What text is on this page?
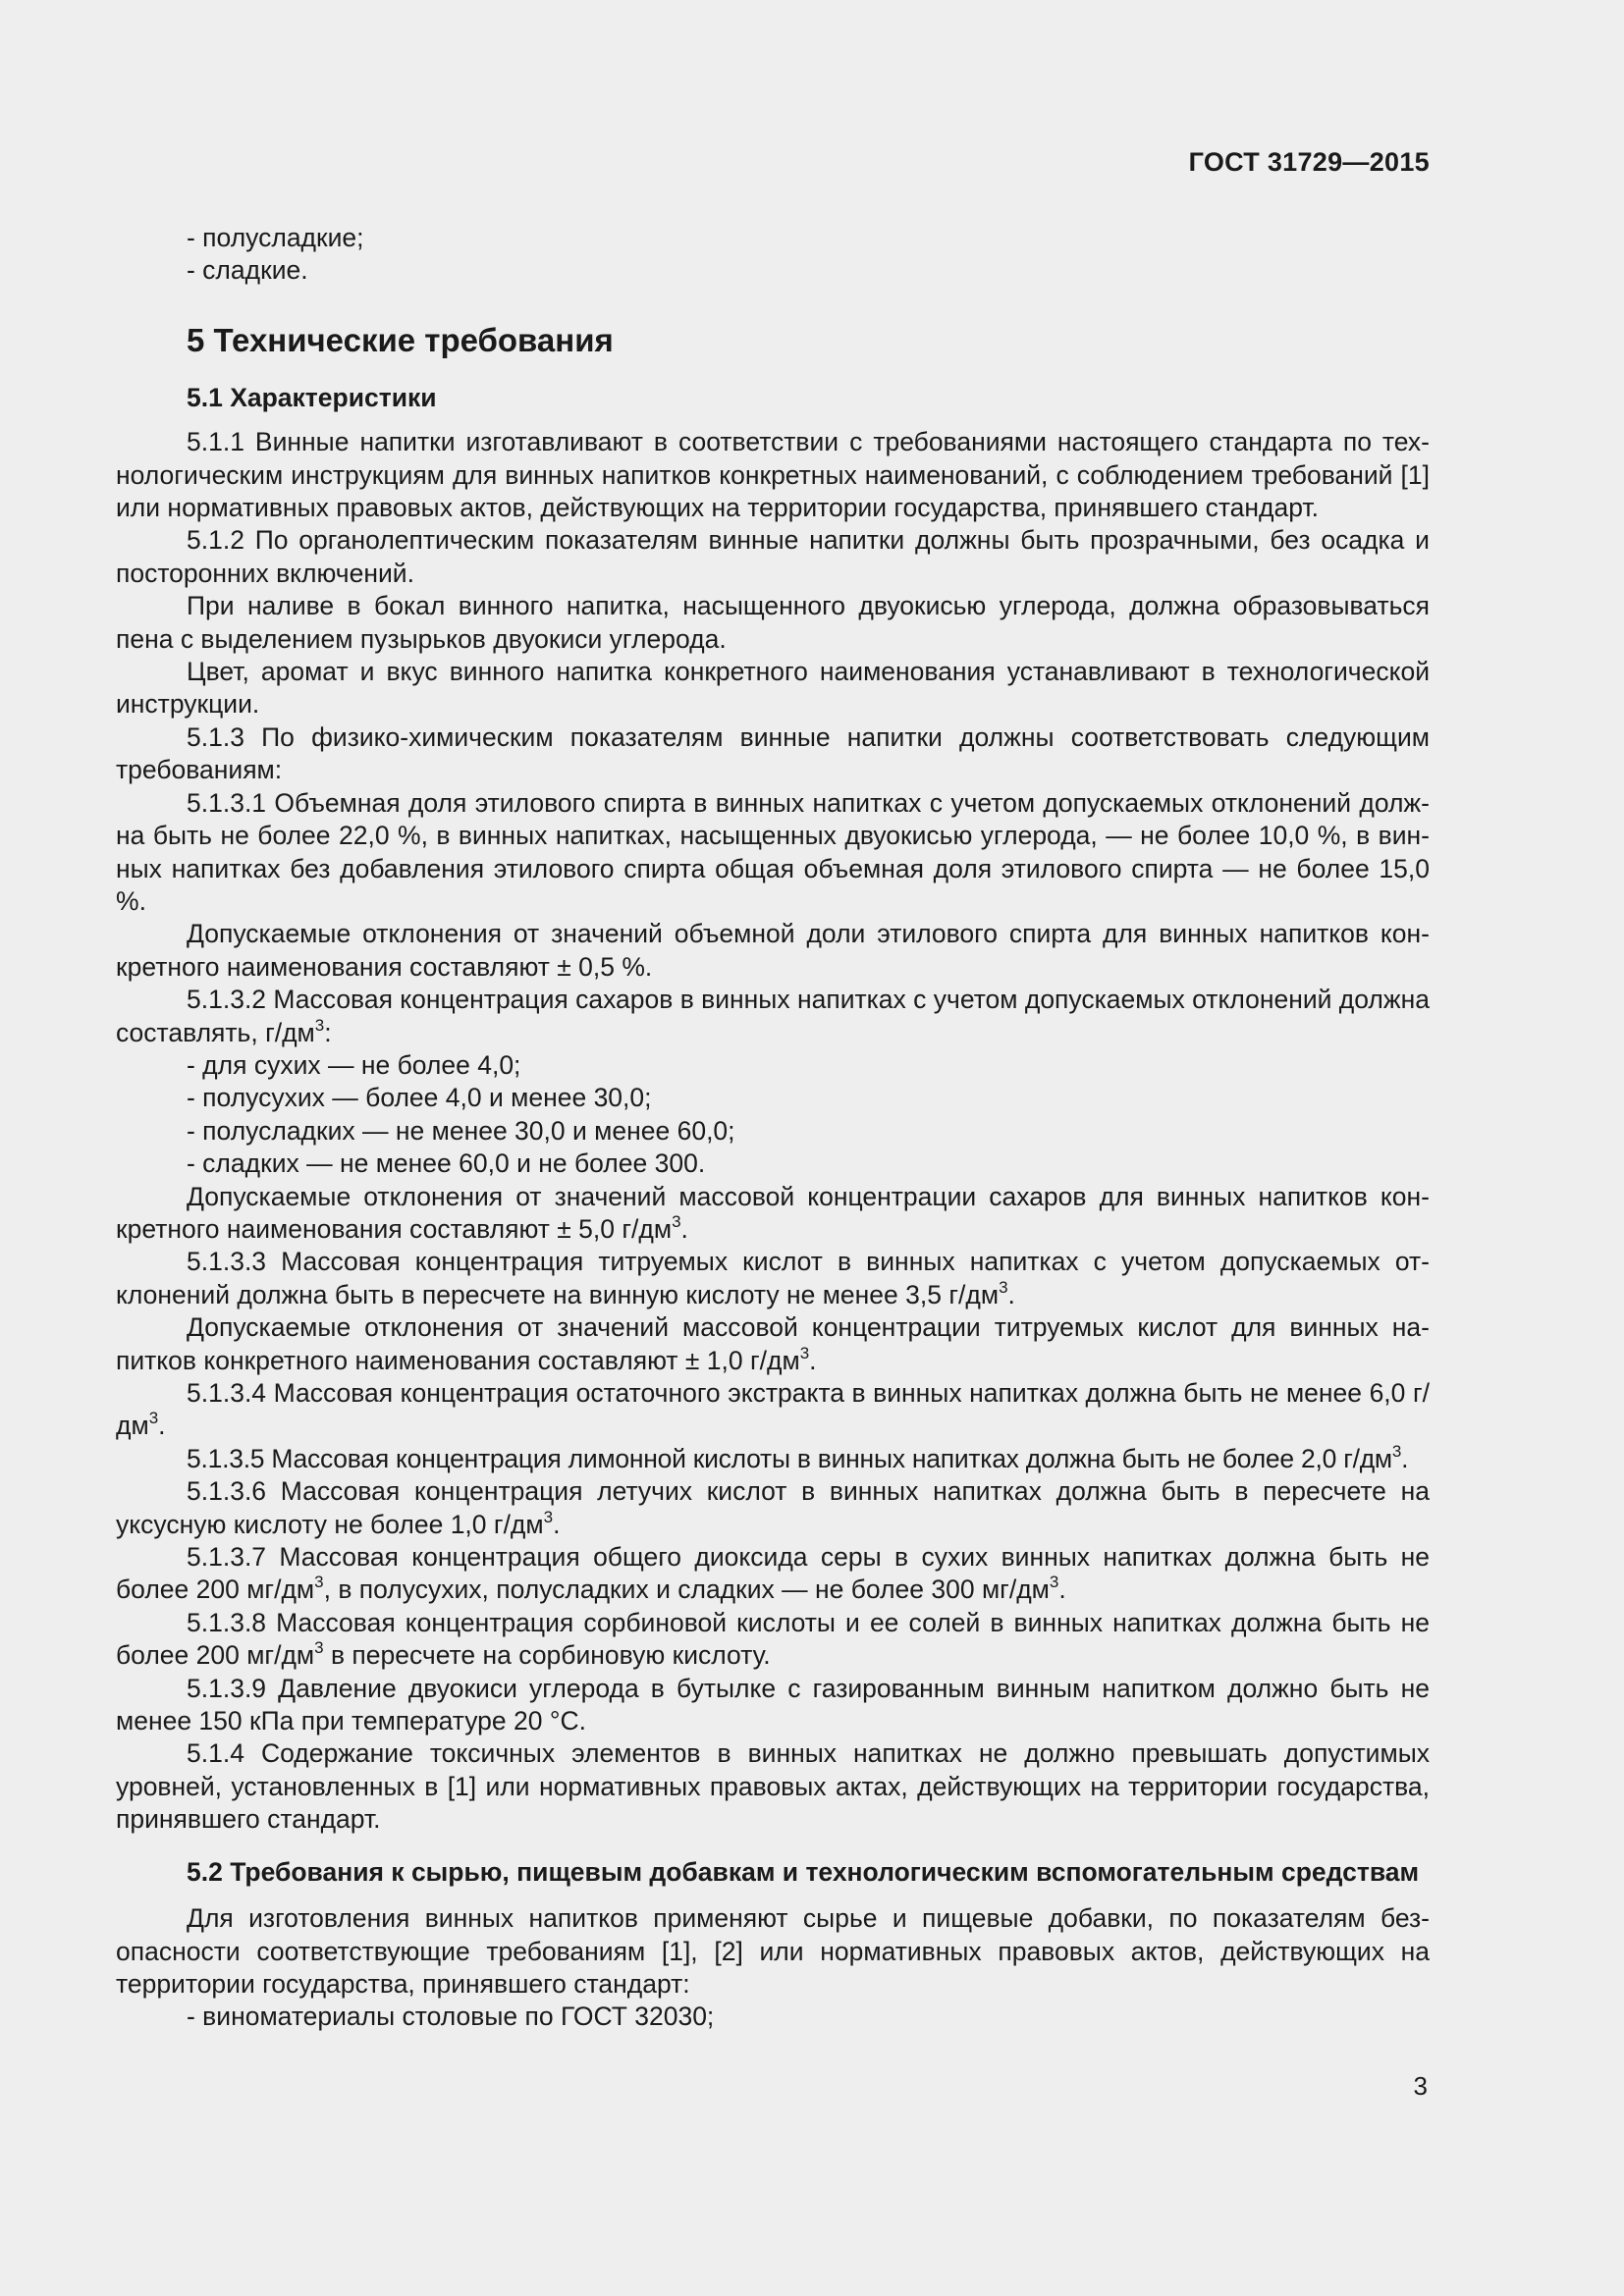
ГОСТ 31729—2015

- полусладкие;

- сладкие.

5 Технические требования
5.1 Характеристики

5.1.1 Винные напитки изготавливают в соответствии с требованиями настоящего стандарта по технологическим инструкциям для винных напитков конкретных наименований, с соблюдением требований [1] или нормативных правовых актов, действующих на территории государства, принявшего стандарт.

5.1.2 По органолептическим показателям винные напитки должны быть прозрачными, без осадка и посторонних включений.

При наливе в бокал винного напитка, насыщенного двуокисью углерода, должна образовываться пена с выделением пузырьков двуокиси углерода.

Цвет, аромат и вкус винного напитка конкретного наименования устанавливают в технологической инструкции.

5.1.3 По физико-химическим показателям винные напитки должны соответствовать следующим требованиям:

5.1.3.1 Объемная доля этилового спирта в винных напитках с учетом допускаемых отклонений должна быть не более 22,0 %, в винных напитках, насыщенных двуокисью углерода, — не более 10,0 %, в винных напитках без добавления этилового спирта общая объемная доля этилового спирта — не более 15,0 %.

Допускаемые отклонения от значений объемной доли этилового спирта для винных напитков конкретного наименования составляют ± 0,5 %.

5.1.3.2 Массовая концентрация сахаров в винных напитках с учетом допускаемых отклонений должна составлять, $г/дм^3$:

- для сухих — не более 4,0;

- полусухих — более 4,0 и менее 30,0;

- полусладких — не менее 30,0 и менее 60,0;

- сладких — не менее 60,0 и не более 300.

Допускаемые отклонения от значений массовой концентрации сахаров для винных напитков конкретного наименования составляют ± 5,0 $г/дм^3$.

5.1.3.3 Массовая концентрация титруемых кислот в винных напитках с учетом допускаемых отклонений должна быть в пересчете на винную кислоту не менее 3,5 $г/дм^3$.

Допускаемые отклонения от значений массовой концентрации титруемых кислот для винных напитков конкретного наименования составляют ± 1,0 $г/дм^3$.

5.1.3.4 Массовая концентрация остаточного экстракта в винных напитках должна быть не менее 6,0 $г/дм^3$.

5.1.3.5 Массовая концентрация лимонной кислоты в винных напитках должна быть не более 2,0 $г/дм^3$.

5.1.3.6 Массовая концентрация летучих кислот в винных напитках должна быть в пересчете на уксусную кислоту не более 1,0 $г/дм^3$.

5.1.3.7 Массовая концентрация общего диоксида серы в сухих винных напитках должна быть не более 200 $мг/дм^3$, в полусухих, полусладких и сладких — не более 300 $мг/дм^3$.

5.1.3.8 Массовая концентрация сорбиновой кислоты и ее солей в винных напитках должна быть не более 200 $мг/дм^3$ в пересчете на сорбиновую кислоту.

5.1.3.9 Давление двуокиси углерода в бутылке с газированным винным напитком должно быть не менее 150 кПа при температуре 20 °С.

5.1.4 Содержание токсичных элементов в винных напитках не должно превышать допустимых уровней, установленных в [1] или нормативных правовых актах, действующих на территории государства, принявшего стандарт.

5.2 Требования к сырью, пищевым добавкам и технологическим вспомогательным средствам

Для изготовления винных напитков применяют сырье и пищевые добавки, по показателям безопасности соответствующие требованиям [1], [2] или нормативных правовых актов, действующих на территории государства, принявшего стандарт:

- виноматериалы столовые по ГОСТ 32030;

3
